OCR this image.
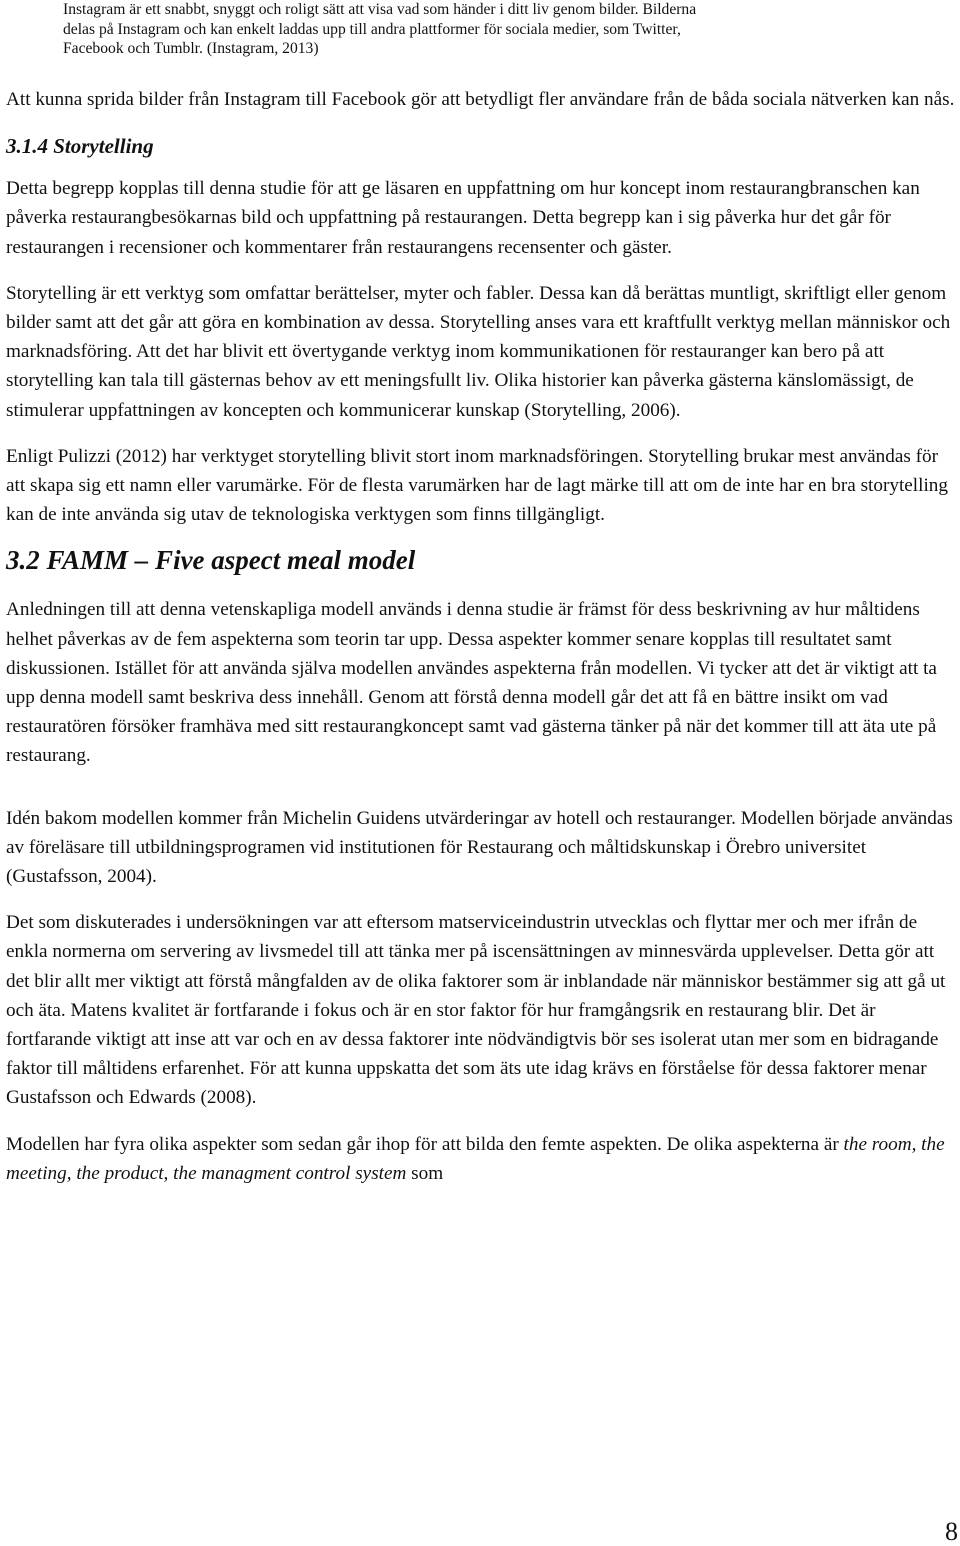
Instagram är ett snabbt, snyggt och roligt sätt att visa vad som händer i ditt liv genom bilder. Bilderna

delas på Instagram och kan enkelt laddas upp till andra plattformer för sociala medier, som Twitter,

Facebook och Tumblr. (Instagram, 2013)

Att kunna sprida bilder från Instagram till Facebook gör att betydligt fler användare från de båda sociala nätverken kan nås.

3.1.4 Storytelling

Detta begrepp kopplas till denna studie för att ge läsaren en uppfattning om hur koncept inom restaurangbranschen kan påverka restaurangbesökarnas bild och uppfattning på restaurangen. Detta begrepp kan i sig påverka hur det går för restaurangen i recensioner och kommentarer från restaurangens recensenter och gäster.

Storytelling är ett verktyg som omfattar berättelser, myter och fabler. Dessa kan då berättas muntligt, skriftligt eller genom bilder samt att det går att göra en kombination av dessa. Storytelling anses vara ett kraftfullt verktyg mellan människor och marknadsföring. Att det har blivit ett övertygande verktyg inom kommunikationen för restauranger kan bero på att storytelling kan tala till gästernas behov av ett meningsfullt liv. Olika historier kan påverka gästerna känslomässigt, de stimulerar uppfattningen av koncepten och kommunicerar kunskap (Storytelling, 2006).

Enligt Pulizzi (2012) har verktyget storytelling blivit stort inom marknadsföringen. Storytelling brukar mest användas för att skapa sig ett namn eller varumärke. För de flesta varumärken har de lagt märke till att om de inte har en bra storytelling kan de inte använda sig utav de teknologiska verktygen som finns tillgängligt.

3.2 FAMM – Five aspect meal model

Anledningen till att denna vetenskapliga modell används i denna studie är främst för dess beskrivning av hur måltidens helhet påverkas av de fem aspekterna som teorin tar upp. Dessa aspekter kommer senare kopplas till resultatet samt diskussionen. Istället för att använda själva modellen användes aspekterna från modellen. Vi tycker att det är viktigt att ta upp denna modell samt beskriva dess innehåll. Genom att förstå denna modell går det att få en bättre insikt om vad restauratören försöker framhäva med sitt restaurangkoncept samt vad gästerna tänker på när det kommer till att äta ute på restaurang.

Idén bakom modellen kommer från Michelin Guidens utvärderingar av hotell och restauranger. Modellen började användas av föreläsare till utbildningsprogramen vid institutionen för Restaurang och måltidskunskap i Örebro universitet (Gustafsson, 2004).

Det som diskuterades i undersökningen var att eftersom matserviceindustrin utvecklas och flyttar mer och mer ifrån de enkla normerna om servering av livsmedel till att tänka mer på iscensättningen av minnesvärda upplevelser. Detta gör att det blir allt mer viktigt att förstå mångfalden av de olika faktorer som är inblandade när människor bestämmer sig att gå ut och äta. Matens kvalitet är fortfarande i fokus och är en stor faktor för hur framgångsrik en restaurang blir. Det är fortfarande viktigt att inse att var och en av dessa faktorer inte nödvändigtvis bör ses isolerat utan mer som en bidragande faktor till måltidens erfarenhet. För att kunna uppskatta det som äts ute idag krävs en förståelse för dessa faktorer menar Gustafsson och Edwards (2008).

Modellen har fyra olika aspekter som sedan går ihop för att bilda den femte aspekten. De olika aspekterna är the room, the meeting, the product, the managment control system som

8
